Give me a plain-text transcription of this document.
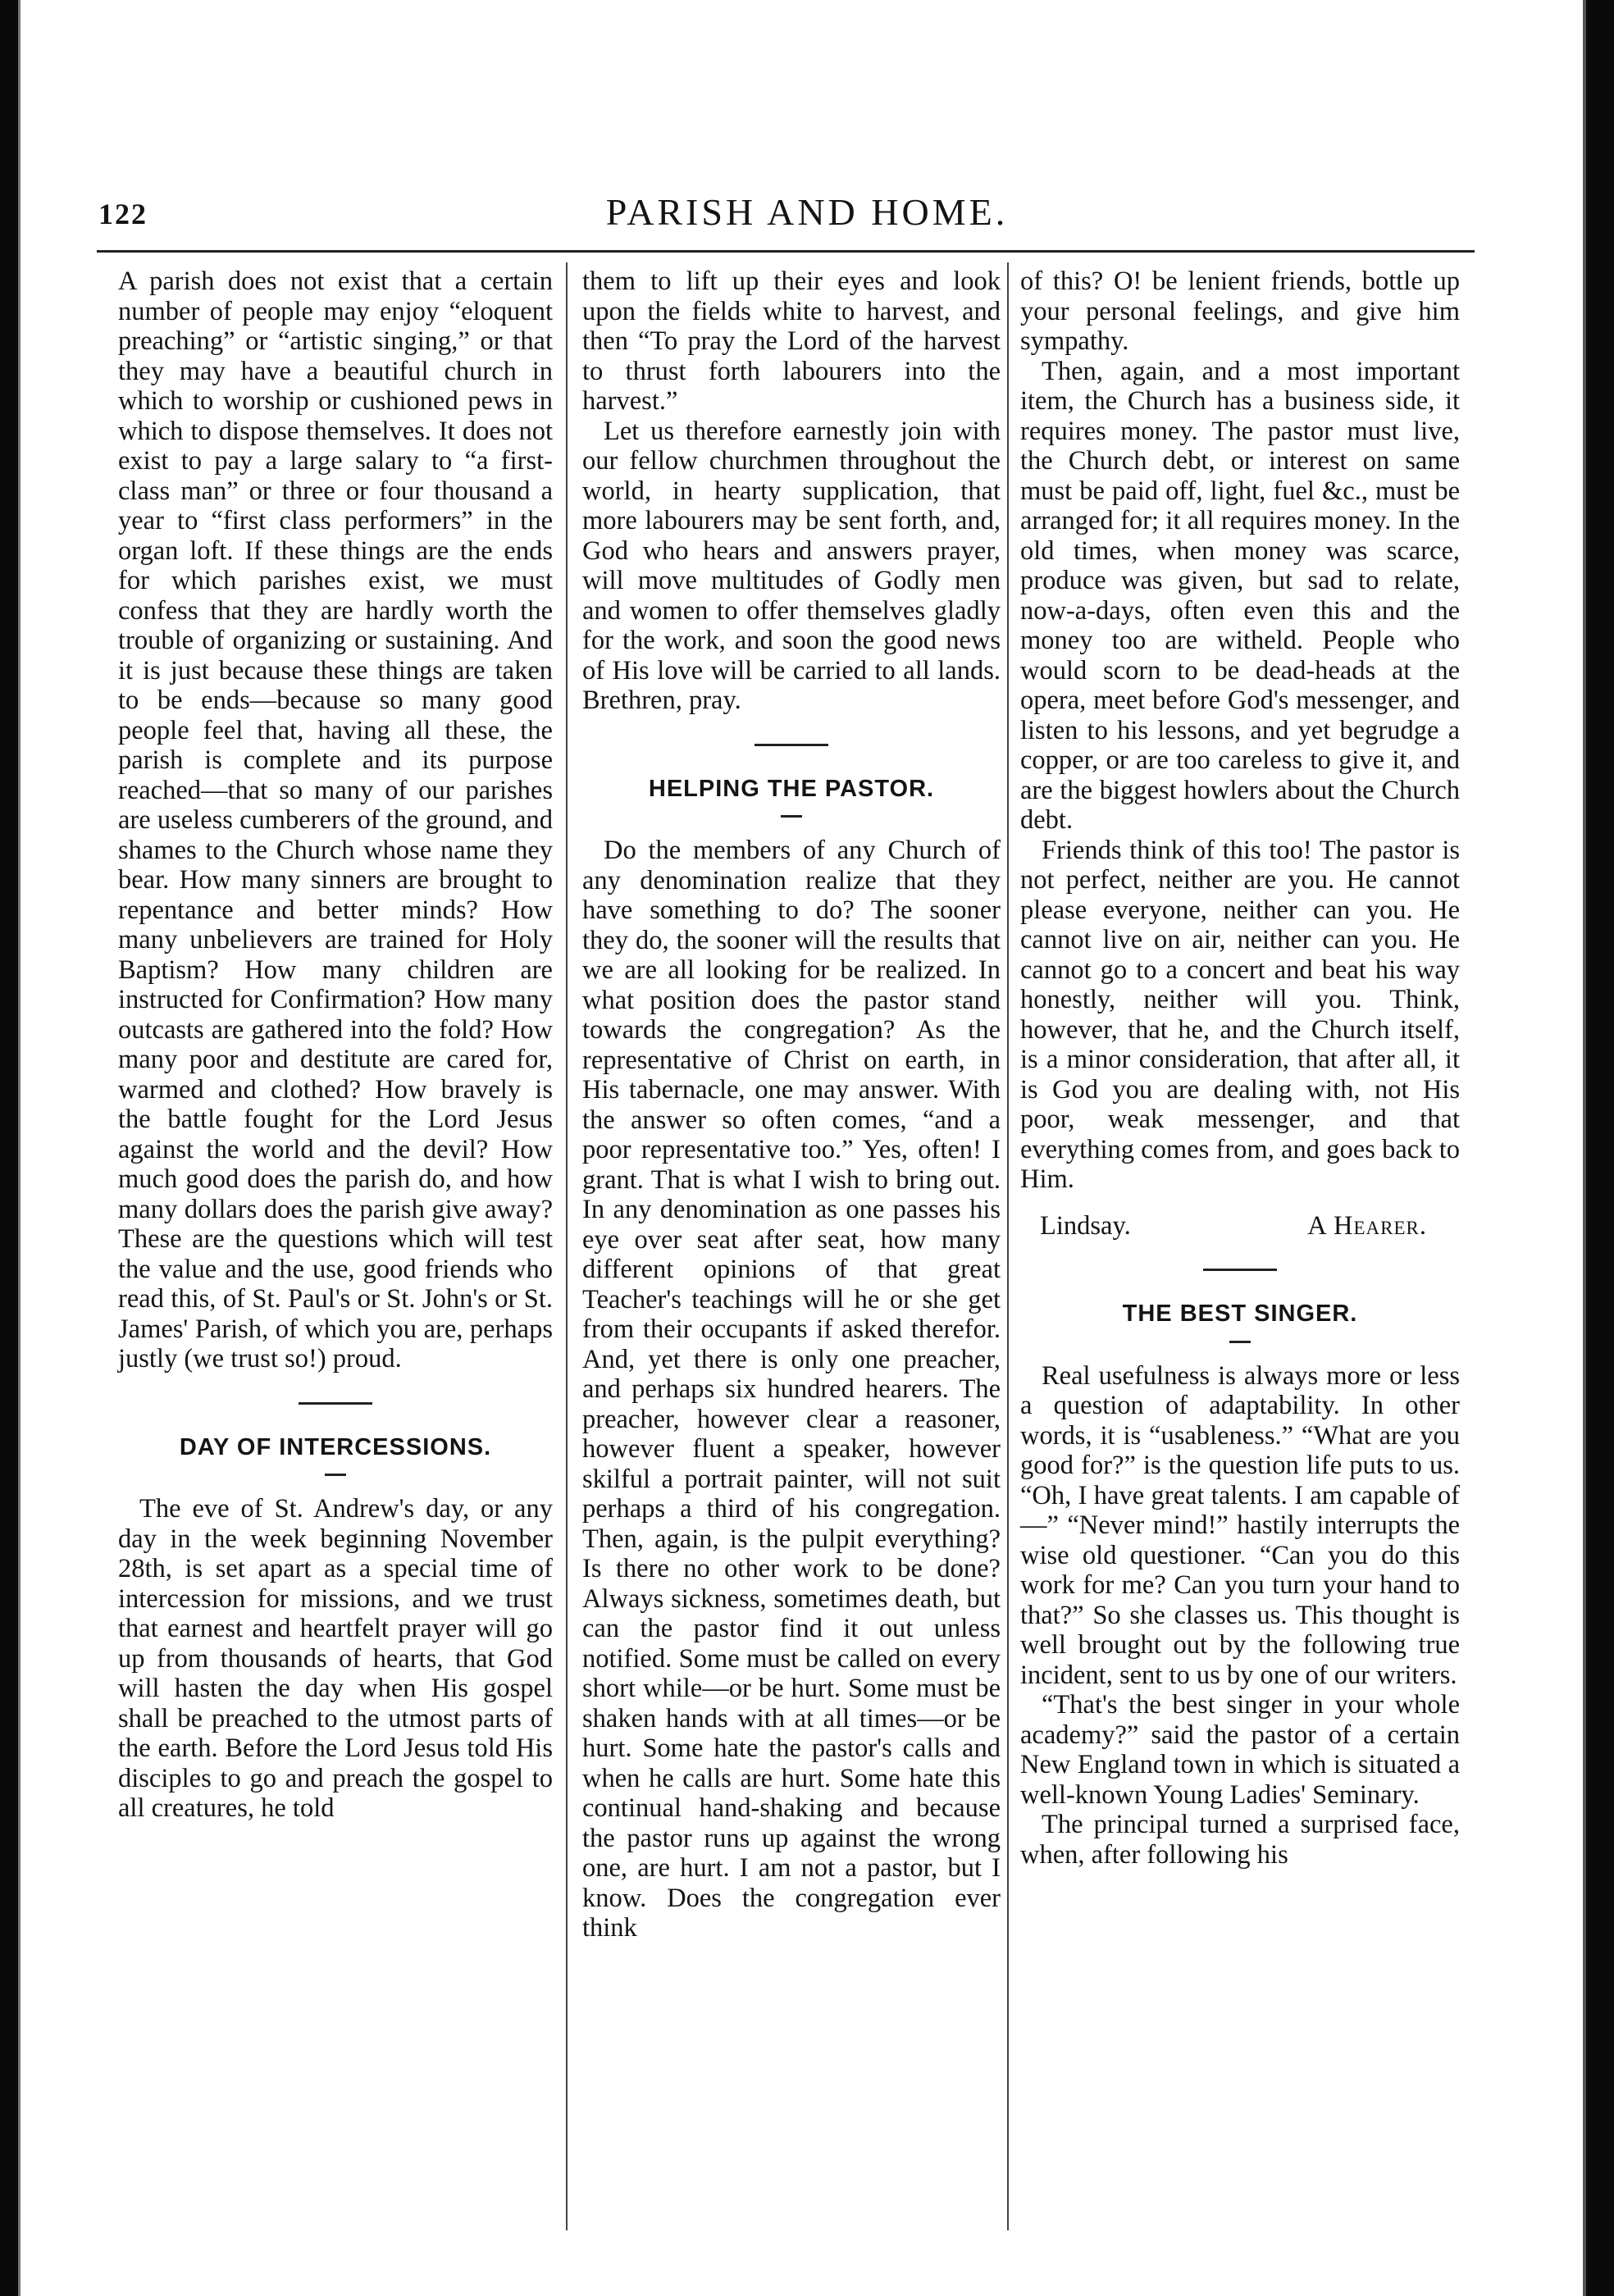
122	PARISH AND HOME.

A parish does not exist that a certain number of people may enjoy “eloquent preaching” or “artistic singing,” or that they may have a beautiful church in which to worship or cushioned pews in which to dispose themselves. It does not exist to pay a large salary to “a first-class man” or three or four thousand a year to “first class performers” in the organ loft. If these things are the ends for which parishes exist, we must confess that they are hardly worth the trouble of organizing or sustaining. And it is just because these things are taken to be ends—because so many good people feel that, having all these, the parish is complete and its purpose reached—that so many of our parishes are useless cumberers of the ground, and shames to the Church whose name they bear. How many sinners are brought to repentance and better minds? How many unbelievers are trained for Holy Baptism? How many children are instructed for Confirmation? How many outcasts are gathered into the fold? How many poor and destitute are cared for, warmed and clothed? How bravely is the battle fought for the Lord Jesus against the world and the devil? How much good does the parish do, and how many dollars does the parish give away? These are the questions which will test the value and the use, good friends who read this, of St. Paul's or St. John's or St. James' Parish, of which you are, perhaps justly (we trust so!) proud.

DAY OF INTERCESSIONS.

The eve of St. Andrew's day, or any day in the week beginning November 28th, is set apart as a special time of intercession for missions, and we trust that earnest and heartfelt prayer will go up from thousands of hearts, that God will hasten the day when His gospel shall be preached to the utmost parts of the earth. Before the Lord Jesus told His disciples to go and preach the gospel to all creatures, he told

them to lift up their eyes and look upon the fields white to harvest, and then “To pray the Lord of the harvest to thrust forth labourers into the harvest.”

Let us therefore earnestly join with our fellow churchmen throughout the world, in hearty supplication, that more labourers may be sent forth, and, God who hears and answers prayer, will move multitudes of Godly men and women to offer themselves gladly for the work, and soon the good news of His love will be carried to all lands. Brethren, pray.

HELPING THE PASTOR.

Do the members of any Church of any denomination realize that they have something to do? The sooner they do, the sooner will the results that we are all looking for be realized. In what position does the pastor stand towards the congregation? As the representative of Christ on earth, in His tabernacle, one may answer. With the answer so often comes, “and a poor representative too.” Yes, often! I grant. That is what I wish to bring out. In any denomination as one passes his eye over seat after seat, how many different opinions of that great Teacher's teachings will he or she get from their occupants if asked therefor. And, yet there is only one preacher, and perhaps six hundred hearers. The preacher, however clear a reasoner, however fluent a speaker, however skilful a portrait painter, will not suit perhaps a third of his congregation. Then, again, is the pulpit everything? Is there no other work to be done? Always sickness, sometimes death, but can the pastor find it out unless notified. Some must be called on every short while—or be hurt. Some must be shaken hands with at all times—or be hurt. Some hate the pastor's calls and when he calls are hurt. Some hate this continual hand-shaking and because the pastor runs up against the wrong one, are hurt. I am not a pastor, but I know. Does the congregation ever think

of this? O! be lenient friends, bottle up your personal feelings, and give him sympathy.

Then, again, and a most important item, the Church has a business side, it requires money. The pastor must live, the Church debt, or interest on same must be paid off, light, fuel &c., must be arranged for; it all requires money. In the old times, when money was scarce, produce was given, but sad to relate, now-a-days, often even this and the money too are witheld. People who would scorn to be dead-heads at the opera, meet before God's messenger, and listen to his lessons, and yet begrudge a copper, or are too careless to give it, and are the biggest howlers about the Church debt.

Friends think of this too! The pastor is not perfect, neither are you. He cannot please everyone, neither can you. He cannot live on air, neither can you. He cannot go to a concert and beat his way honestly, neither will you. Think, however, that he, and the Church itself, is a minor consideration, that after all, it is God you are dealing with, not His poor, weak messenger, and that everything comes from, and goes back to Him.

Lindsay.	A Hearer.
THE BEST SINGER.

Real usefulness is always more or less a question of adaptability. In other words, it is “usableness.” “What are you good for?” is the question life puts to us. “Oh, I have great talents. I am capable of—” “Never mind!” hastily interrupts the wise old questioner. “Can you do this work for me? Can you turn your hand to that?” So she classes us. This thought is well brought out by the following true incident, sent to us by one of our writers.

“That's the best singer in your whole academy?” said the pastor of a certain New England town in which is situated a well-known Young Ladies' Seminary.

The principal turned a surprised face, when, after following his
